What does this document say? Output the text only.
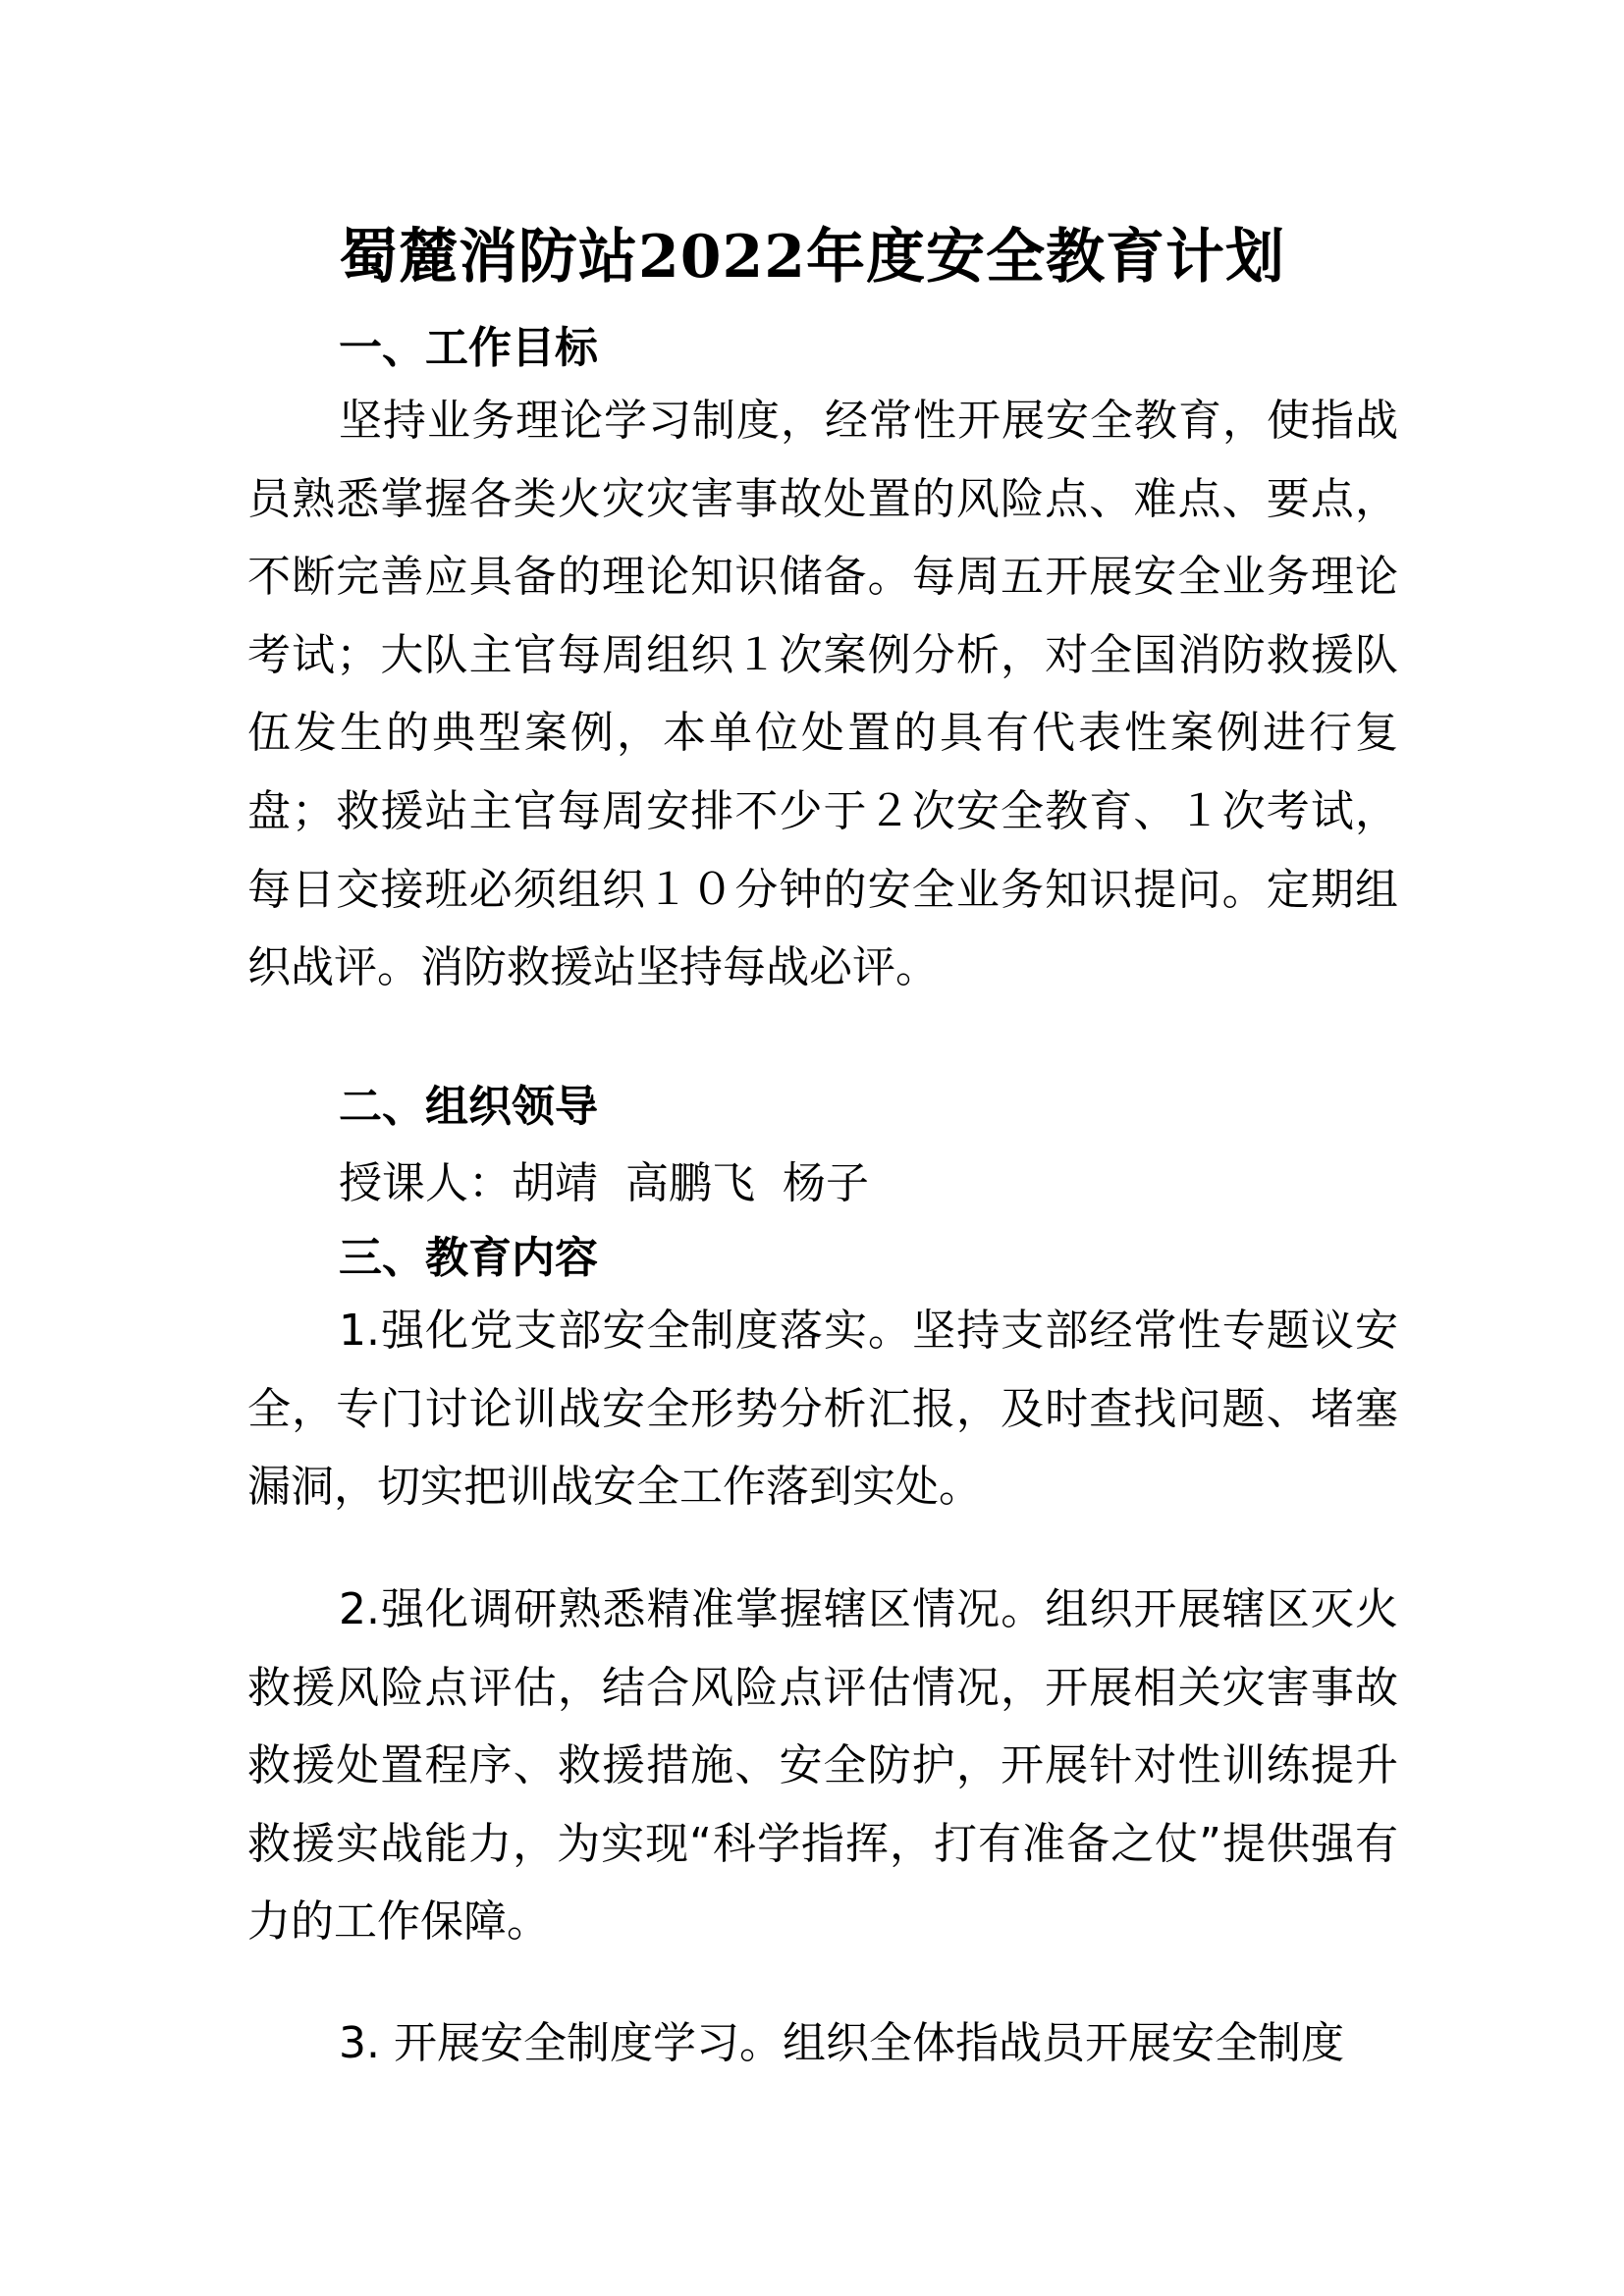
蜀麓消防站2022年度安全教育计划
一、工作目标

坚持业务理论学习制度，经常性开展安全教育，使指战员熟悉掌握各类火灾灾害事故处置的风险点、难点、要点，不断完善应具备的理论知识储备。每周五开展安全业务理论考试；大队主官每周组织１次案例分析，对全国消防救援队伍发生的典型案例，本单位处置的具有代表性案例进行复盘；救援站主官每周安排不少于２次安全教育、１次考试，每日交接班必须组织１０分钟的安全业务知识提问。定期组织战评。消防救援站坚持每战必评。

二、组织领导

授课人：胡靖 高鹏飞 杨子

三、教育内容

1.强化党支部安全制度落实。坚持支部经常性专题议安全，专门讨论训战安全形势分析汇报，及时查找问题、堵塞漏洞，切实把训战安全工作落到实处。

2.强化调研熟悉精准掌握辖区情况。组织开展辖区灭火救援风险点评估，结合风险点评估情况，开展相关灾害事故救援处置程序、救援措施、安全防护，开展针对性训练提升救援实战能力，为实现“科学指挥，打有准备之仗”提供强有力的工作保障。

3. 开展安全制度学习。组织全体指战员开展安全制度
